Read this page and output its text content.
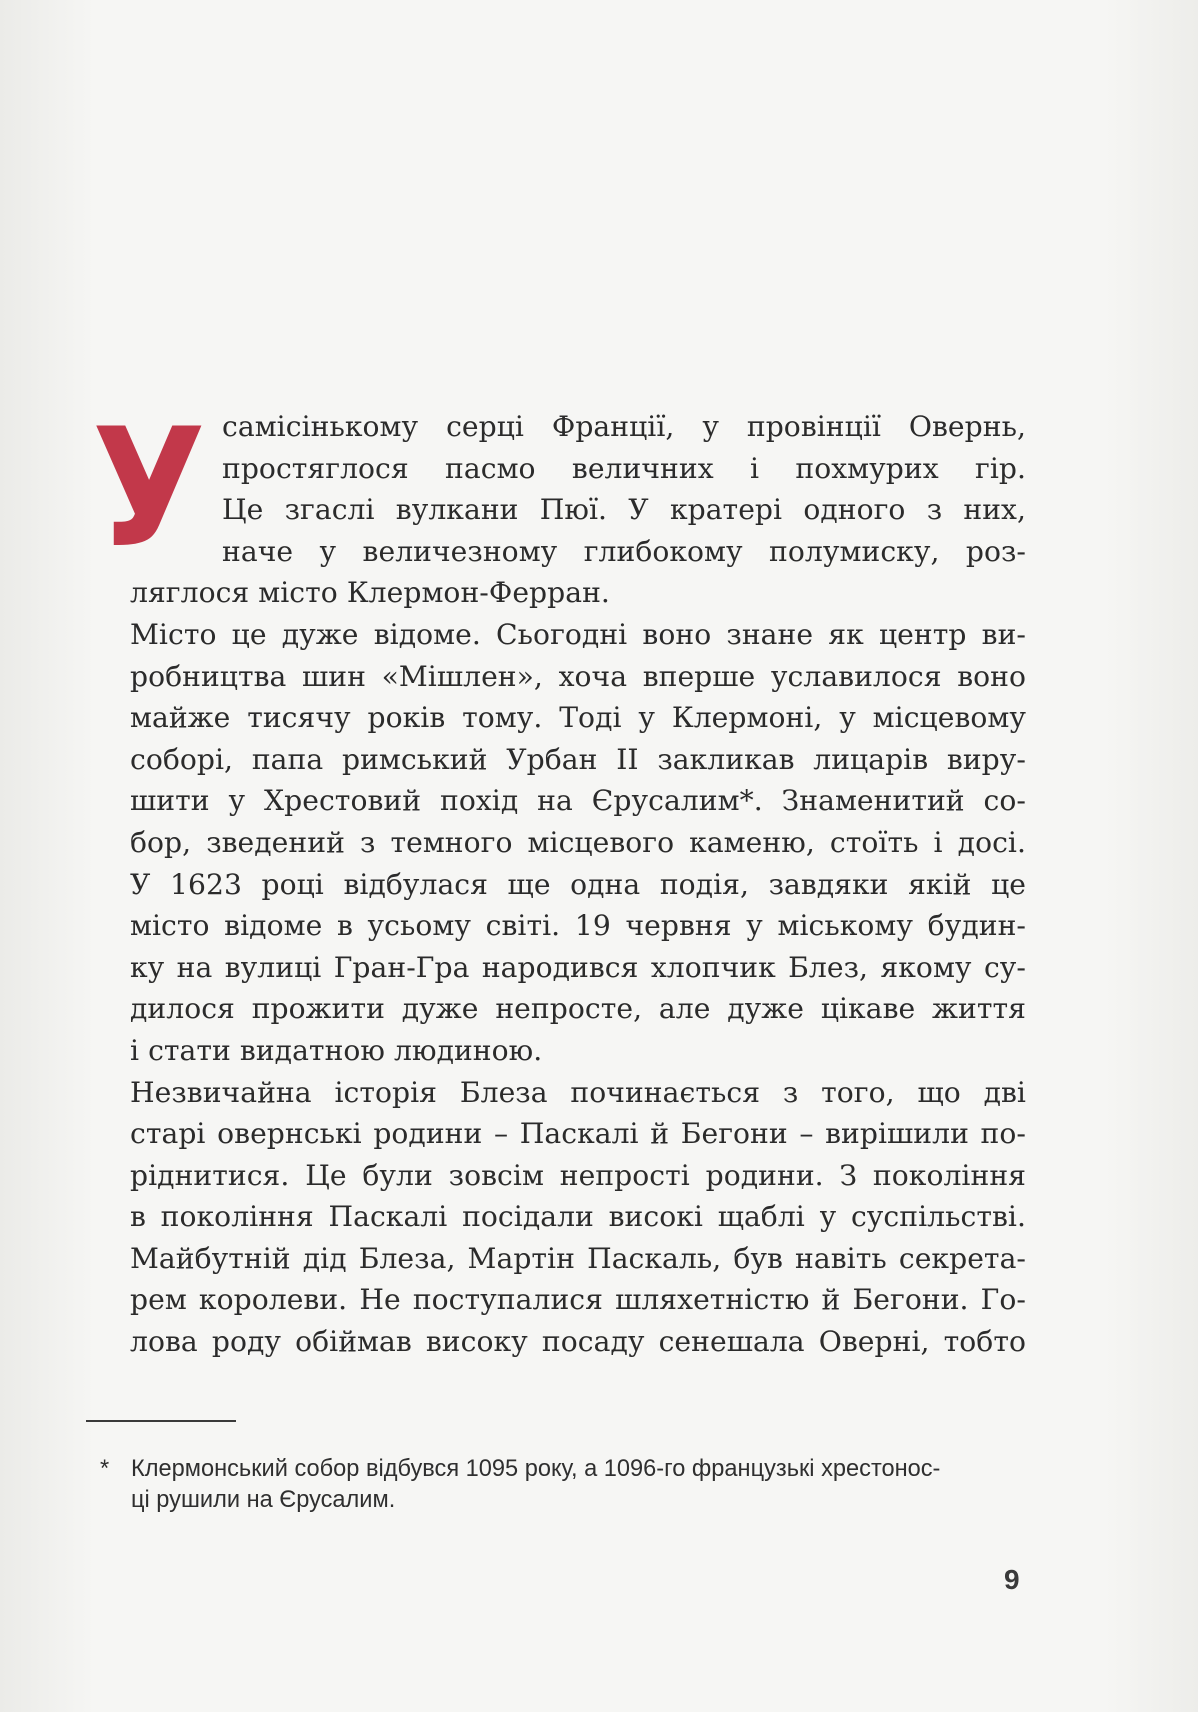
У самісінькому серці Франції, у провінції Овернь,
простяглося пасмо величних і похмурих гір.
Це згаслі вулкани Пюї. У кратері одного з них,
наче у величезному глибокому полумиску, роз-
ляглося місто Клермон-Ферран.
Місто це дуже відоме. Сьогодні воно знане як центр ви-
робництва шин «Мішлен», хоча вперше уславилося воно
майже тисячу років тому. Тоді у Клермоні, у місцевому
соборі, папа римський Урбан II закликав лицарів виру-
шити у Хрестовий похід на Єрусалим*. Знаменитий со-
бор, зведений з темного місцевого каменю, стоїть і досі.
У 1623 році відбулася ще одна подія, завдяки якій це
місто відоме в усьому світі. 19 червня у міському будин-
ку на вулиці Гран-Гра народився хлопчик Блез, якому су-
дилося прожити дуже непросте, але дуже цікаве життя
і стати видатною людиною.
Незвичайна історія Блеза починається з того, що дві
старі овернські родини – Паскалі й Бегони – вирішили по-
ріднитися. Це були зовсім непрості родини. З покоління
в покоління Паскалі посідали високі щаблі у суспільстві.
Майбутній дід Блеза, Мартін Паскаль, був навіть секрета-
рем королеви. Не поступалися шляхетністю й Бегони. Го-
лова роду обіймав високу посаду сенешала Оверні, тобто
* Клермонський собор відбувся 1095 року, а 1096-го французькі хрестонос-
ці рушили на Єрусалим.
9
